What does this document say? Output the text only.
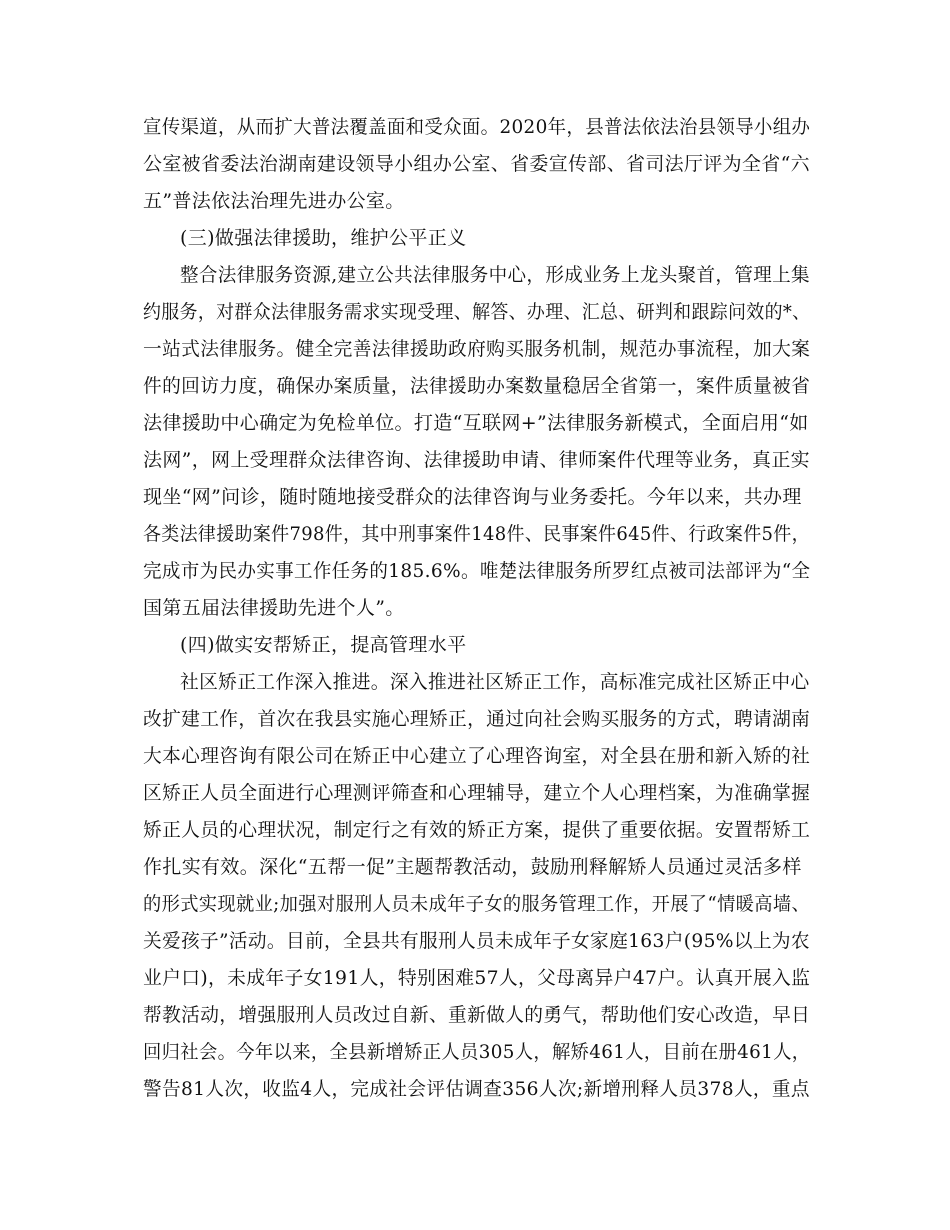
宣传渠道，从而扩大普法覆盖面和受众面。2020年，县普法依法治县领导小组办
公室被省委法治湖南建设领导小组办公室、省委宣传部、省司法厅评为全省“六
五”普法依法治理先进办公室。
(三)做强法律援助，维护公平正义
整合法律服务资源,建立公共法律服务中心，形成业务上龙头聚首，管理上集
约服务，对群众法律服务需求实现受理、解答、办理、汇总、研判和跟踪问效的*、
一站式法律服务。健全完善法律援助政府购买服务机制，规范办事流程，加大案
件的回访力度，确保办案质量，法律援助办案数量稳居全省第一，案件质量被省
法律援助中心确定为免检单位。打造“互联网+”法律服务新模式，全面启用“如
法网”，网上受理群众法律咨询、法律援助申请、律师案件代理等业务，真正实
现坐“网”问诊，随时随地接受群众的法律咨询与业务委托。今年以来，共办理
各类法律援助案件798件，其中刑事案件148件、民事案件645件、行政案件5件，
完成市为民办实事工作任务的185.6%。唯楚法律服务所罗红点被司法部评为“全
国第五届法律援助先进个人”。
(四)做实安帮矫正，提高管理水平
社区矫正工作深入推进。深入推进社区矫正工作，高标准完成社区矫正中心
改扩建工作，首次在我县实施心理矫正，通过向社会购买服务的方式，聘请湖南
大本心理咨询有限公司在矫正中心建立了心理咨询室，对全县在册和新入矫的社
区矫正人员全面进行心理测评筛查和心理辅导，建立个人心理档案，为准确掌握
矫正人员的心理状况，制定行之有效的矫正方案，提供了重要依据。安置帮矫工
作扎实有效。深化“五帮一促”主题帮教活动，鼓励刑释解矫人员通过灵活多样
的形式实现就业;加强对服刑人员未成年子女的服务管理工作，开展了“情暖高墙、
关爱孩子”活动。目前，全县共有服刑人员未成年子女家庭163户(95%以上为农
业户口)，未成年子女191人，特别困难57人，父母离异户47户。认真开展入监
帮教活动，增强服刑人员改过自新、重新做人的勇气，帮助他们安心改造，早日
回归社会。今年以来，全县新增矫正人员305人，解矫461人，目前在册461人，
警告81人次，收监4人，完成社会评估调查356人次;新增刑释人员378人，重点
